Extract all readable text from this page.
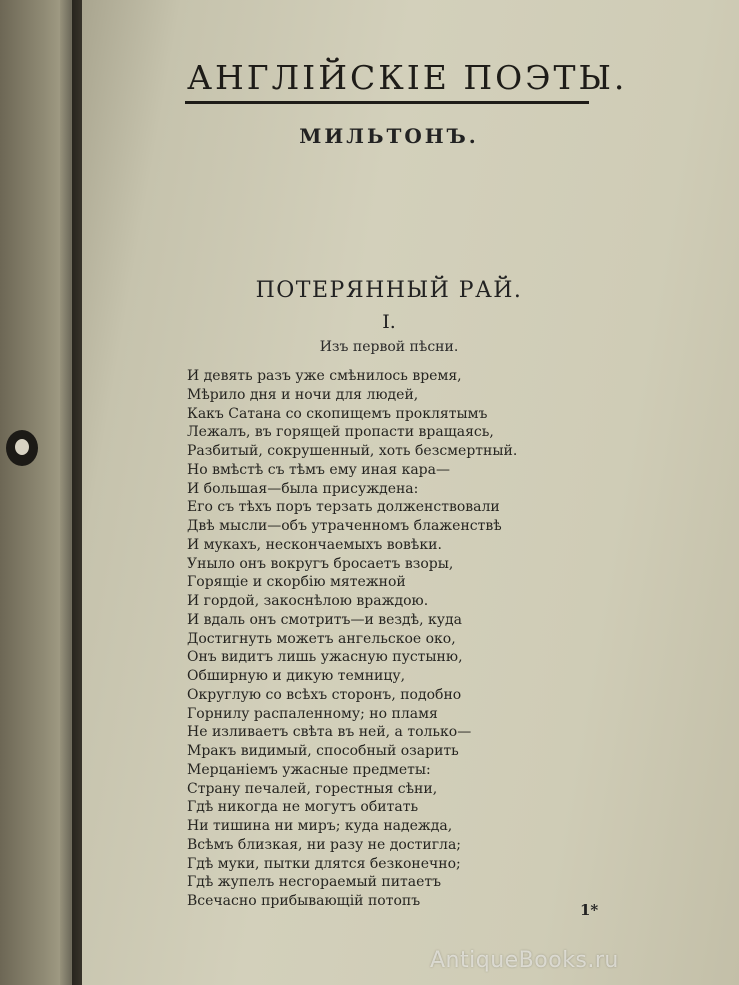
АНГЛІЙСКІЕ ПОЭТЫ.
МИЛЬТОНЪ.
ПОТЕРЯННЫЙ РАЙ.
I.
Изъ первой пѣсни.
И девять разъ уже смѣнилось время,
Мѣрило дня и ночи для людей,
Какъ Сатана со скопищемъ проклятымъ
Лежалъ, въ горящей пропасти вращаясь,
Разбитый, сокрушенный, хоть безсмертный.
Но вмѣстѣ съ тѣмъ ему иная кара—
И большая—была присуждена:
Его съ тѣхъ поръ терзать долженствовали
Двѣ мысли—объ утраченномъ блаженствѣ
И мукахъ, нескончаемыхъ вовѣки.
Уныло онъ вокругъ бросаетъ взоры,
Горящіе и скорбію мятежной
И гордой, закоснѣлою враждою.
И вдаль онъ смотритъ—и вездѣ, куда
Достигнуть можетъ ангельское око,
Онъ видитъ лишь ужасную пустыню,
Обширную и дикую темницу,
Округлую со всѣхъ сторонъ, подобно
Горнилу распаленному; но пламя
Не изливаетъ свѣта въ ней, а только—
Мракъ видимый, способный озарить
Мерцаніемъ ужасные предметы:
Страну печалей, горестныя сѣни,
Гдѣ никогда не могутъ обитать
Ни тишина ни миръ; куда надежда,
Всѣмъ близкая, ни разу не достигла;
Гдѣ муки, пытки длятся безконечно;
Гдѣ жупелъ несгораемый питаетъ
Всечасно прибывающій потопъ	1*
AntiqueBooks.ru
